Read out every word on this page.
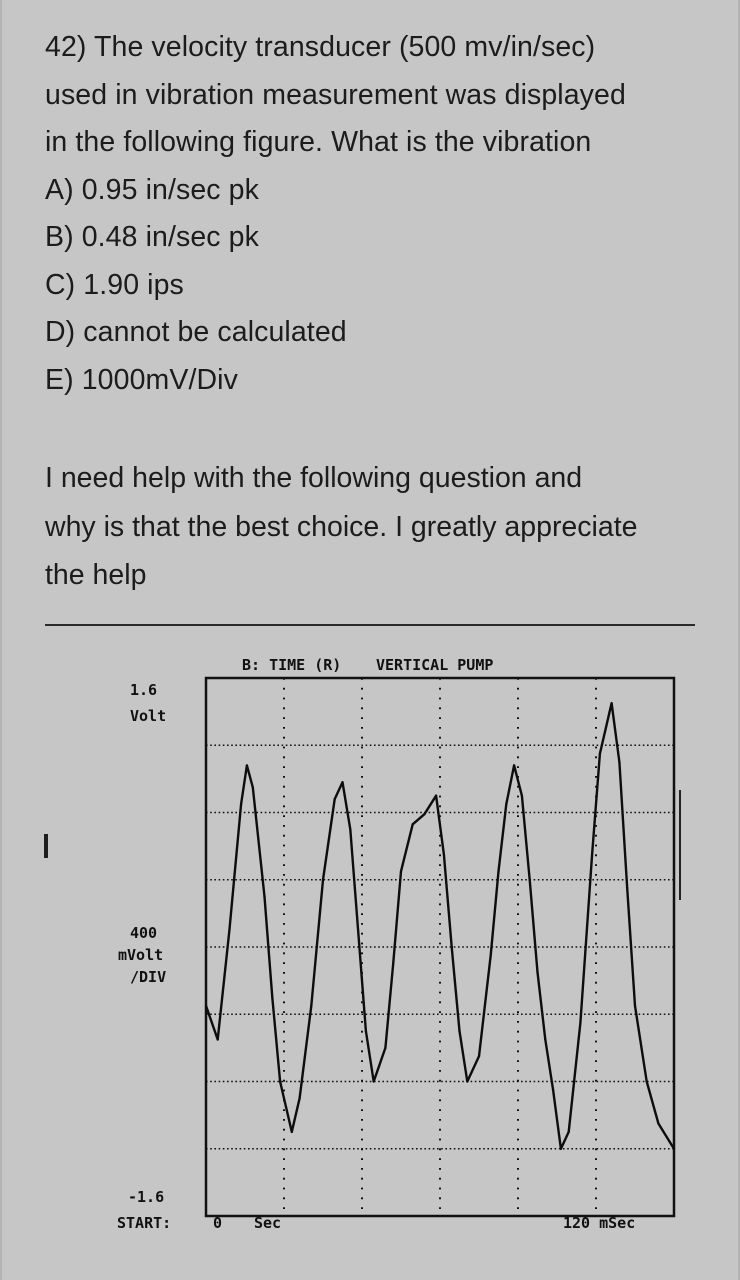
42) The velocity transducer (500 mv/in/sec)

used in vibration measurement was displayed

in the following figure. What is the vibration

A) 0.95 in/sec pk

B) 0.48 in/sec pk

C) 1.90 ips

D) cannot be calculated

E) 1000mV/Div

I need help with the following question and

why is that the best choice. I greatly appreciate

the help

B: TIME (R) VERTICAL PUMP
1.6
Volt
400
mVolt
/DIV
-1.6
START:	0 Sec	120 mSec
